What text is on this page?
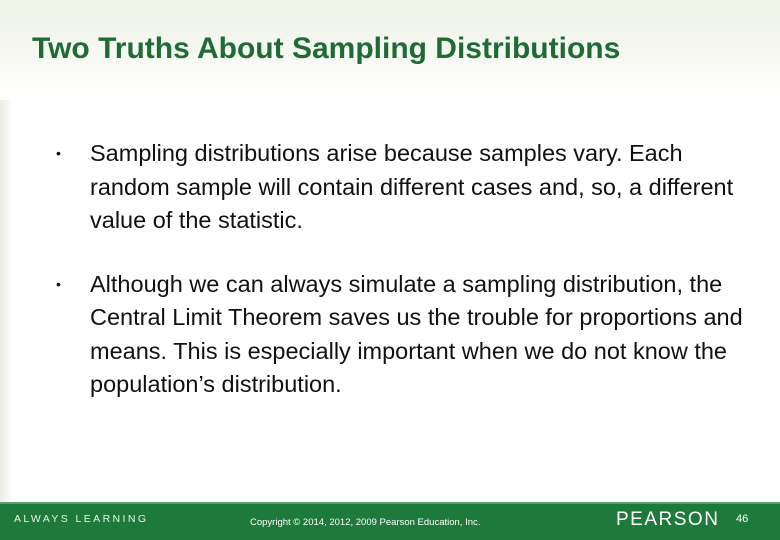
Two Truths About Sampling Distributions
• Sampling distributions arise because samples vary. Each random sample will contain different cases and, so, a different value of the statistic.
• Although we can always simulate a sampling distribution, the Central Limit Theorem saves us the trouble for proportions and means. This is especially important when we do not know the population’s distribution.
ALWAYS LEARNING	Copyright © 2014, 2012, 2009 Pearson Education, Inc.	PEARSON 46
